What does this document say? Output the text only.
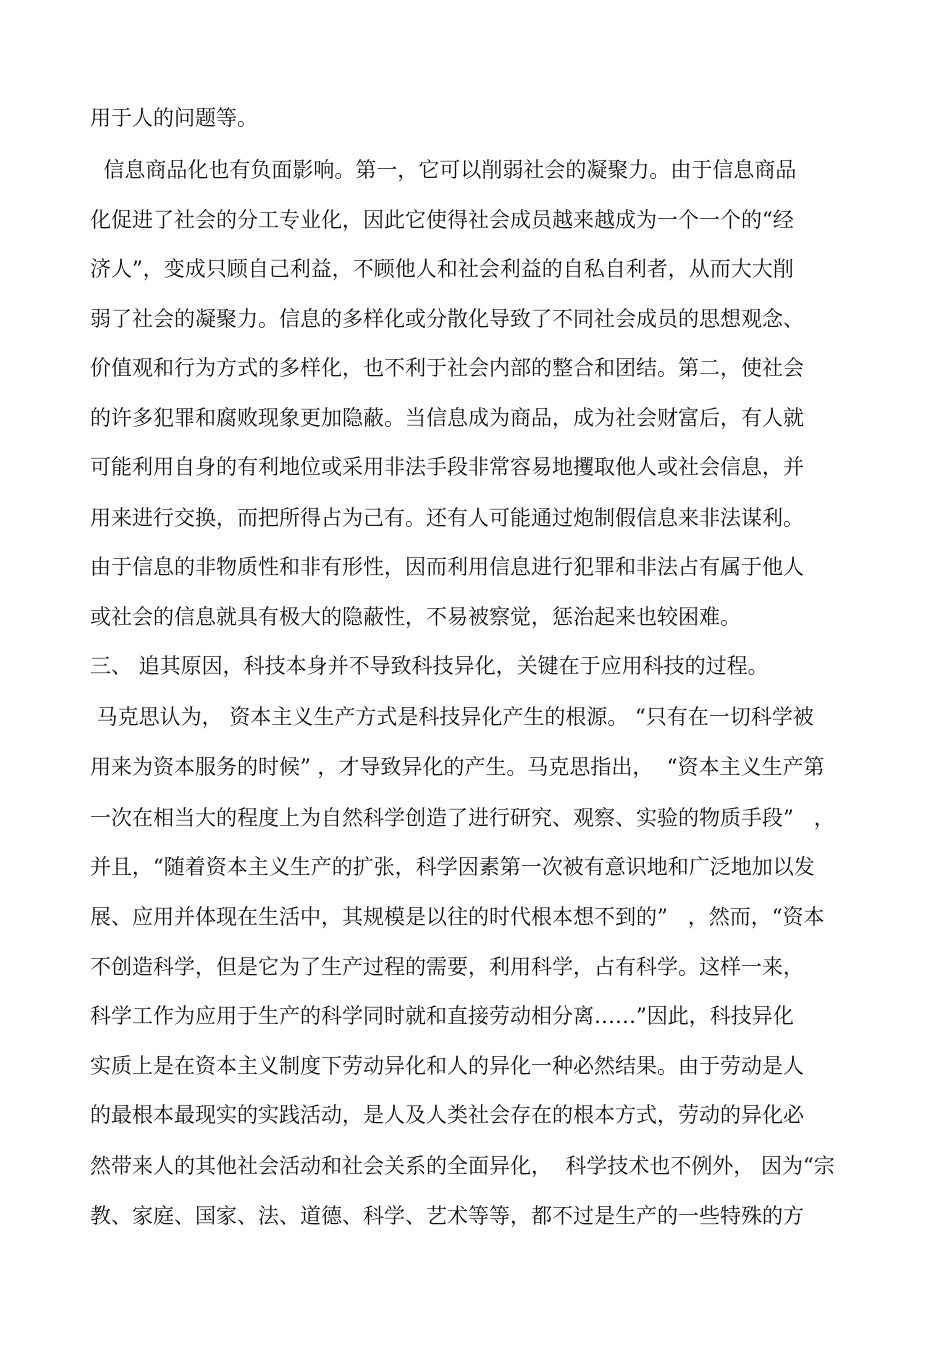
用于人的问题等。
信息商品化也有负面影响。第一，它可以削弱社会的凝聚力。由于信息商品
化促进了社会的分工专业化，因此它使得社会成员越来越成为一个一个的“经
济人”，变成只顾自己利益，不顾他人和社会利益的自私自利者，从而大大削
弱了社会的凝聚力。信息的多样化或分散化导致了不同社会成员的思想观念、
价值观和行为方式的多样化，也不利于社会内部的整合和团结。第二，使社会
的许多犯罪和腐败现象更加隐蔽。当信息成为商品，成为社会财富后，有人就
可能利用自身的有利地位或采用非法手段非常容易地攫取他人或社会信息，并
用来进行交换，而把所得占为己有。还有人可能通过炮制假信息来非法谋利。
由于信息的非物质性和非有形性，因而利用信息进行犯罪和非法占有属于他人
或社会的信息就具有极大的隐蔽性，不易被察觉，惩治起来也较困难。
三、 追其原因，科技本身并不导致科技异化，关键在于应用科技的过程。
马克思认为， 资本主义生产方式是科技异化产生的根源。 “只有在一切科学被
用来为资本服务的时候” ，才导致异化的产生。马克思指出，  “资本主义生产第
一次在相当大的程度上为自然科学创造了进行研究、观察、实验的物质手段”   ，
并且，“随着资本主义生产的扩张，科学因素第一次被有意识地和广泛地加以发
展、应用并体现在生活中，其规模是以往的时代根本想不到的”   ，然而，“资本
不创造科学，但是它为了生产过程的需要，利用科学，占有科学。这样一来，
科学工作为应用于生产的科学同时就和直接劳动相分离……”因此，科技异化
实质上是在资本主义制度下劳动异化和人的异化一种必然结果。由于劳动是人
的最根本最现实的实践活动，是人及人类社会存在的根本方式，劳动的异化必
然带来人的其他社会活动和社会关系的全面异化，  科学技术也不例外， 因为“宗
教、家庭、国家、法、道德、科学、艺术等等，都不过是生产的一些特殊的方
